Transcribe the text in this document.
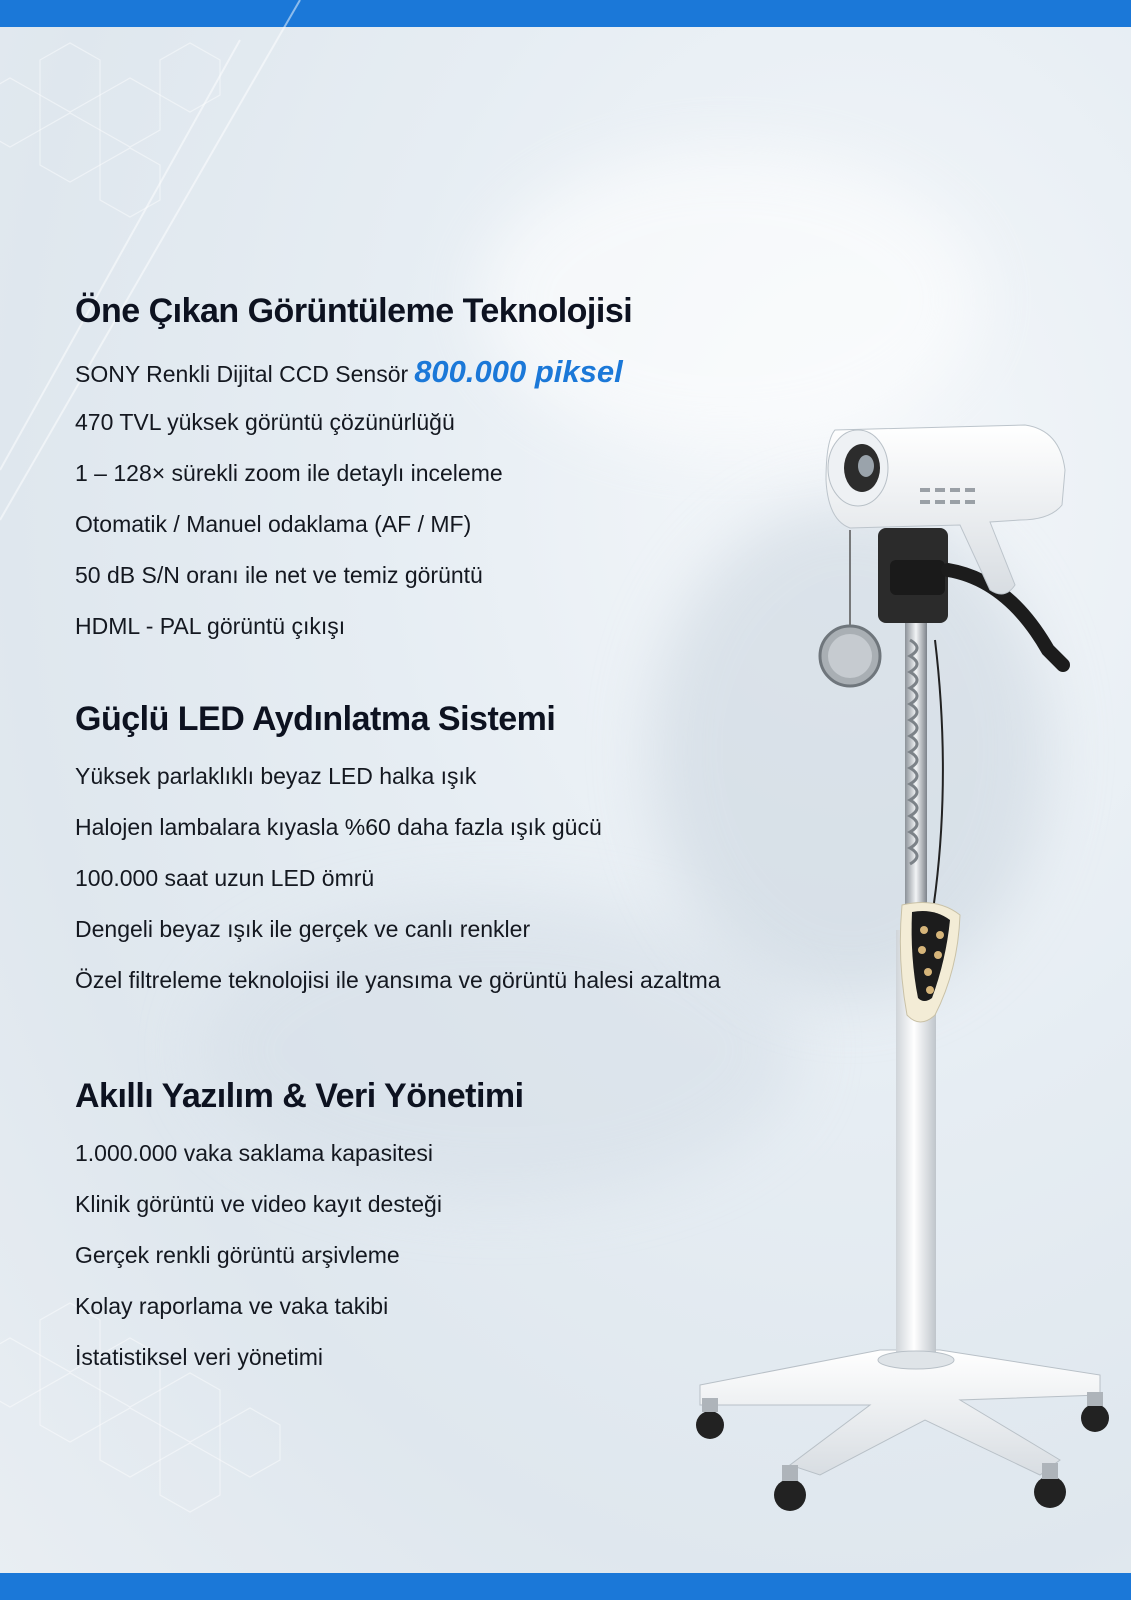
Öne Çıkan Görüntüleme Teknolojisi

SONY Renkli Dijital CCD Sensör 800.000 piksel

470 TVL yüksek görüntü çözünürlüğü

1 – 128× sürekli zoom ile detaylı inceleme

Otomatik / Manuel odaklama (AF / MF)

50 dB S/N oranı ile net ve temiz görüntü

HDML - PAL görüntü çıkışı

Güçlü LED Aydınlatma Sistemi

Yüksek parlaklıklı beyaz LED halka ışık

Halojen lambalara kıyasla %60 daha fazla ışık gücü

100.000 saat uzun LED ömrü

Dengeli beyaz ışık ile gerçek ve canlı renkler

Özel filtreleme teknolojisi ile yansıma ve görüntü halesi azaltma

Akıllı Yazılım & Veri Yönetimi

1.000.000 vaka saklama kapasitesi

Klinik görüntü ve video kayıt desteği

Gerçek renkli görüntü arşivleme

Kolay raporlama ve vaka takibi

İstatistiksel veri yönetimi
